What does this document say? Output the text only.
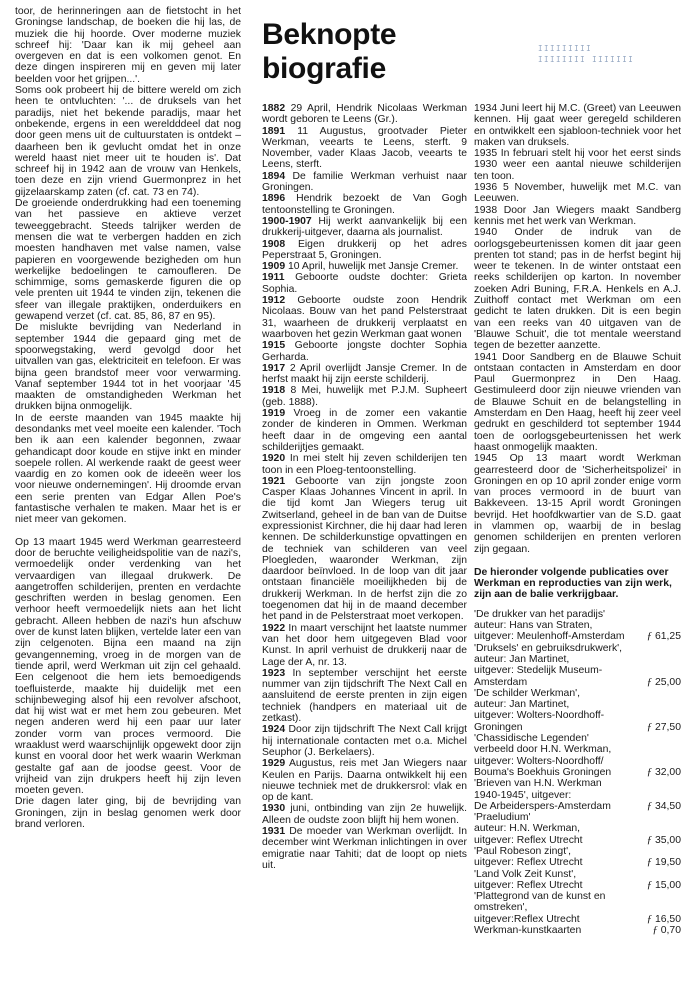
toor, de herinneringen aan de fietstocht in het Groningse landschap, de boeken die hij las, de muziek die hij hoorde. Over moderne muziek schreef hij: 'Daar kan ik mij geheel aan overgeven en dat is een volkomen genot. En deze dingen inspireren mij en geven mij later beelden voor het grijpen...'.

Soms ook probeert hij de bittere wereld om zich heen te ontvluchten: '... de druksels van het paradijs, niet het bekende paradijs, maar het onbekende, ergens in een wereldddeel dat nog door geen mens uit de cultuurstaten is ontdekt – daarheen ben ik gevlucht omdat het in onze wereld haast niet meer uit te houden is'. Dat schreef hij in 1942 aan de vrouw van Henkels, toen deze en zijn vriend Guermonprez in het gijzelaarskamp zaten (cf. cat. 73 en 74).

De groeiende onderdrukking had een toeneming van het passieve en aktieve verzet teweeggebracht. Steeds talrijker werden de mensen die wat te verbergen hadden en zich moesten handhaven met valse namen, valse papieren en voorgewende bezigheden om hun werkelijke bedoelingen te camoufleren. De schimmige, soms gemaskerde figuren die op vele prenten uit 1944 te vinden zijn, tekenen die sfeer van illegale praktijken, onderduikers en gewapend verzet (cf. cat. 85, 86, 87 en 95).

De mislukte bevrijding van Nederland in september 1944 die gepaard ging met de spoorwegstaking, werd gevolgd door het uitvallen van gas, elektriciteit en telefoon. Er was bijna geen brandstof meer voor verwarming. Vanaf september 1944 tot in het voorjaar '45 maakten de omstandigheden Werkman het drukken bijna onmogelijk.

In de eerste maanden van 1945 maakte hij desondanks met veel moeite een kalender. 'Toch ben ik aan een kalender begonnen, zwaar gehandicapt door koude en stijve inkt en minder soepele rollen. Al werkende raakt de geest weer vaardig en zo komen ook de ideeën weer los voor nieuwe ondernemingen'. Hij droomde ervan een serie prenten van Edgar Allen Poe's fantastische verhalen te maken. Maar het is er niet meer van gekomen.

Op 13 maart 1945 werd Werkman gearresteerd door de beruchte veiligheidspolitie van de nazi's, vermoedelijk onder verdenking van het vervaardigen van illegaal drukwerk. De aangetroffen schilderijen, prenten en verdachte geschriften werden in beslag genomen. Een verhoor heeft vermoedelijk niets aan het licht gebracht. Alleen hebben de nazi's hun afschuw over de kunst laten blijken, vertelde later een van zijn celgenoten. Bijna een maand na zijn gevangenneming, vroeg in de morgen van de tiende april, werd Werkman uit zijn cel gehaald. Een celgenoot die hem iets bemoedigends toefluisterde, maakte hij duidelijk met een schijnbeweging alsof hij een revolver afschoot, dat hij wist wat er met hem zou gebeuren. Met negen anderen werd hij een paar uur later zonder vorm van proces vermoord. Die wraaklust werd waarschijnlijk opgewekt door zijn kunst en vooral door het werk waarin Werkman gestalte gaf aan de joodse geest. Voor de vrijheid van zijn drukpers heeft hij zijn leven moeten geven.

Drie dagen later ging, bij de bevrijding van Groningen, zijn in beslag genomen werk door brand verloren.

Beknopte biografie
IIIIIIIII
IIIIIIII IIIIIII

1882 29 April, Hendrik Nicolaas Werkman wordt geboren te Leens (Gr.).

1891 11 Augustus, grootvader Pieter Werkman, veearts te Leens, sterft. 9 November, vader Klaas Jacob, veearts te Leens, sterft.

1894 De familie Werkman verhuist naar Groningen.

1896 Hendrik bezoekt de Van Gogh tentoonstelling te Groningen.

1900-1907 Hij werkt aanvankelijk bij een drukkerij-uitgever, daarna als journalist.

1908 Eigen drukkerij op het adres Peperstraat 5, Groningen.

1909 10 April, huwelijk met Jansje Cremer.

1911 Geboorte oudste dochter: Grieta Sophia.

1912 Geboorte oudste zoon Hendrik Nicolaas. Bouw van het pand Pelsterstraat 31, waarheen de drukkerij verplaatst en waarboven het gezin Werkman gaat wonen

1915 Geboorte jongste dochter Sophia Gerharda.

1917 2 April overlijdt Jansje Cremer. In de herfst maakt hij zijn eerste schilderij.

1918 8 Mei, huwelijk met P.J.M. Supheert (geb. 1888).

1919 Vroeg in de zomer een vakantie zonder de kinderen in Ommen. Werkman heeft daar in de omgeving een aantal schilderijtjes gemaakt.

1920 In mei stelt hij zeven schilderijen ten toon in een Ploeg-tentoonstelling.

1921 Geboorte van zijn jongste zoon Casper Klaas Johannes Vincent in april. In die tijd komt Jan Wiegers terug uit Zwitserland, geheel in de ban van de Duitse expressionist Kirchner, die hij daar had leren kennen. De schilderkunstige opvattingen en de techniek van schilderen van veel Ploegleden, waaronder Werkman, zijn daardoor beïnvloed. In de loop van dit jaar ontstaan financiële moeilijkheden bij de drukkerij Werkman. In de herfst zijn die zo toegenomen dat hij in de maand december het pand in de Pelsterstraat moet verkopen.

1922 In maart verschijnt het laatste nummer van het door hem uitgegeven Blad voor Kunst. In april verhuist de drukkerij naar de Lage der A, nr. 13.

1923 In september verschijnt het eerste nummer van zijn tijdschrift The Next Call en aansluitend de eerste prenten in zijn eigen techniek (handpers en materiaal uit de zetkast).

1924 Door zijn tijdschrift The Next Call krijgt hij internationale contacten met o.a. Michel Seuphor (J. Berkelaers).

1929 Augustus, reis met Jan Wiegers naar Keulen en Parijs. Daarna ontwikkelt hij een nieuwe techniek met de drukkersrol: vlak en op de kant.

1930 juni, ontbinding van zijn 2e huwelijk. Alleen de oudste zoon blijft hij hem wonen.

1931 De moeder van Werkman overlijdt. In december wint Werkman inlichtingen in over emigratie naar Tahiti; dat de loopt op niets uit.

1934 Juni leert hij M.C. (Greet) van Leeuwen kennen. Hij gaat weer geregeld schilderen en ontwikkelt een sjabloon-techniek voor het maken van druksels.

1935 In februari stelt hij voor het eerst sinds 1930 weer een aantal nieuwe schilderijen ten toon.

1936 5 November, huwelijk met M.C. van Leeuwen.

1938 Door Jan Wiegers maakt Sandberg kennis met het werk van Werkman.

1940 Onder de indruk van de oorlogsgebeurtenissen komen dit jaar geen prenten tot stand; pas in de herfst begint hij weer te tekenen. In de winter ontstaat een reeks schilderijen op karton. In november zoeken Adri Buning, F.R.A. Henkels en A.J. Zuithoff contact met Werkman om een gedicht te laten drukken. Dit is een begin van een reeks van 40 uitgaven van de 'Blauwe Schuit', die tot mentale weerstand tegen de bezetter aanzette.

1941 Door Sandberg en de Blauwe Schuit ontstaan contacten in Amsterdam en door Paul Guermonprez in Den Haag. Gestimuleerd door zijn nieuwe vrienden van de Blauwe Schuit en de belangstelling in Amsterdam en Den Haag, heeft hij zeer veel gedrukt en geschilderd tot september 1944 toen de oorlogsgebeurtenissen het werk haast onmogelijk maakten.

1945 Op 13 maart wordt Werkman gearresteerd door de 'Sicherheitspolizei' in Groningen en op 10 april zonder enige vorm van proces vermoord in de buurt van Bakkeveen. 13-15 April wordt Groningen bevrijd. Het hoofdkwartier van de S.D. gaat in vlammen op, waarbij de in beslag genomen schilderijen en prenten verloren zijn gegaan.

De hieronder volgende publicaties over Werkman en reproducties van zijn werk, zijn aan de balie verkrijgbaar.

'De drukker van het paradijs'
auteur: Hans van Straten,
uitgever: Meulenhoff-Amsterdam	ƒ 61,25
'Druksels' en gebruiksdrukwerk',
auteur: Jan Martinet,
uitgever: Stedelijk Museum-
Amsterdam	ƒ 25,00
'De schilder Werkman',
auteur: Jan Martinet,
uitgever: Wolters-Noordhoff-
Groningen	ƒ 27,50
'Chassidische Legenden'
verbeeld door H.N. Werkman,
uitgever: Wolters-Noordhoff/
Bouma's Boekhuis Groningen	ƒ 32,00
'Brieven van H.N. Werkman
1940-1945', uitgever:
De Arbeiderspers-Amsterdam	ƒ 34,50
'Praeludium'
auteur: H.N. Werkman,
uitgever: Reflex Utrecht	ƒ 35,00
'Paul Robeson zingt',
uitgever: Reflex Utrecht	ƒ 19,50
'Land Volk Zeit Kunst',
uitgever: Reflex Utrecht	ƒ 15,00
'Plattegrond van de kunst en
omstreken',
uitgever:Reflex Utrecht	ƒ 16,50
Werkman-kunstkaarten	ƒ 0,70
